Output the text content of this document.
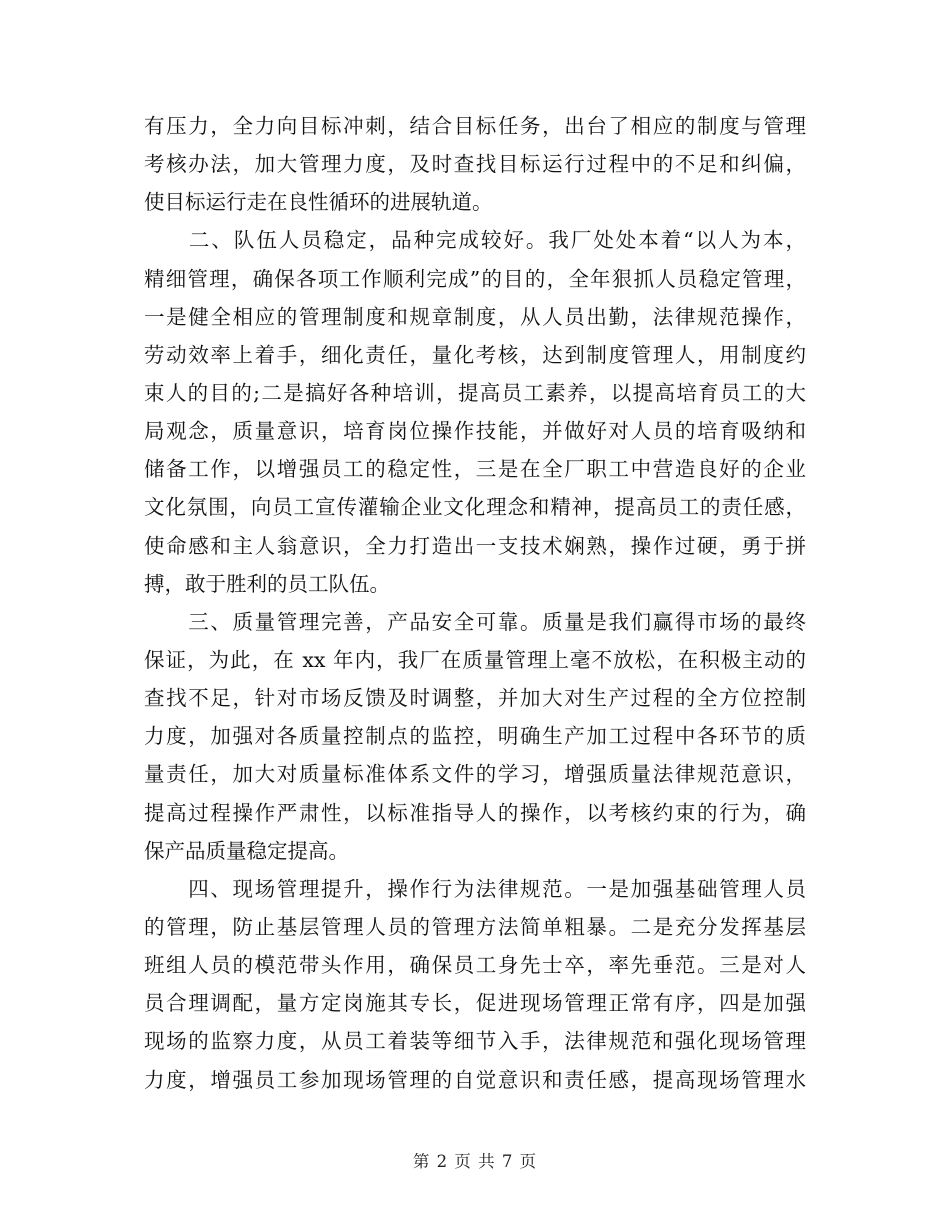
有压力，全力向目标冲刺，结合目标任务，出台了相应的制度与管理
考核办法，加大管理力度，及时查找目标运行过程中的不足和纠偏，
使目标运行走在良性循环的进展轨道。
　　二、队伍人员稳定，品种完成较好。我厂处处本着“以人为本，
精细管理，确保各项工作顺利完成”的目的，全年狠抓人员稳定管理，
一是健全相应的管理制度和规章制度，从人员出勤，法律规范操作，
劳动效率上着手，细化责任，量化考核，达到制度管理人，用制度约
束人的目的;二是搞好各种培训，提高员工素养，以提高培育员工的大
局观念，质量意识，培育岗位操作技能，并做好对人员的培育吸纳和
储备工作，以增强员工的稳定性，三是在全厂职工中营造良好的企业
文化氛围，向员工宣传灌输企业文化理念和精神，提高员工的责任感，
使命感和主人翁意识，全力打造出一支技术娴熟，操作过硬，勇于拼
搏，敢于胜利的员工队伍。
　　三、质量管理完善，产品安全可靠。质量是我们赢得市场的最终
保证，为此，在 xx 年内，我厂在质量管理上毫不放松，在积极主动的
查找不足，针对市场反馈及时调整，并加大对生产过程的全方位控制
力度，加强对各质量控制点的监控，明确生产加工过程中各环节的质
量责任，加大对质量标准体系文件的学习，增强质量法律规范意识，
提高过程操作严肃性，以标准指导人的操作，以考核约束的行为，确
保产品质量稳定提高。
　　四、现场管理提升，操作行为法律规范。一是加强基础管理人员
的管理，防止基层管理人员的管理方法简单粗暴。二是充分发挥基层
班组人员的模范带头作用，确保员工身先士卒，率先垂范。三是对人
员合理调配，量方定岗施其专长，促进现场管理正常有序，四是加强
现场的监察力度，从员工着装等细节入手，法律规范和强化现场管理
力度，增强员工参加现场管理的自觉意识和责任感，提高现场管理水
第 2 页 共 7 页
